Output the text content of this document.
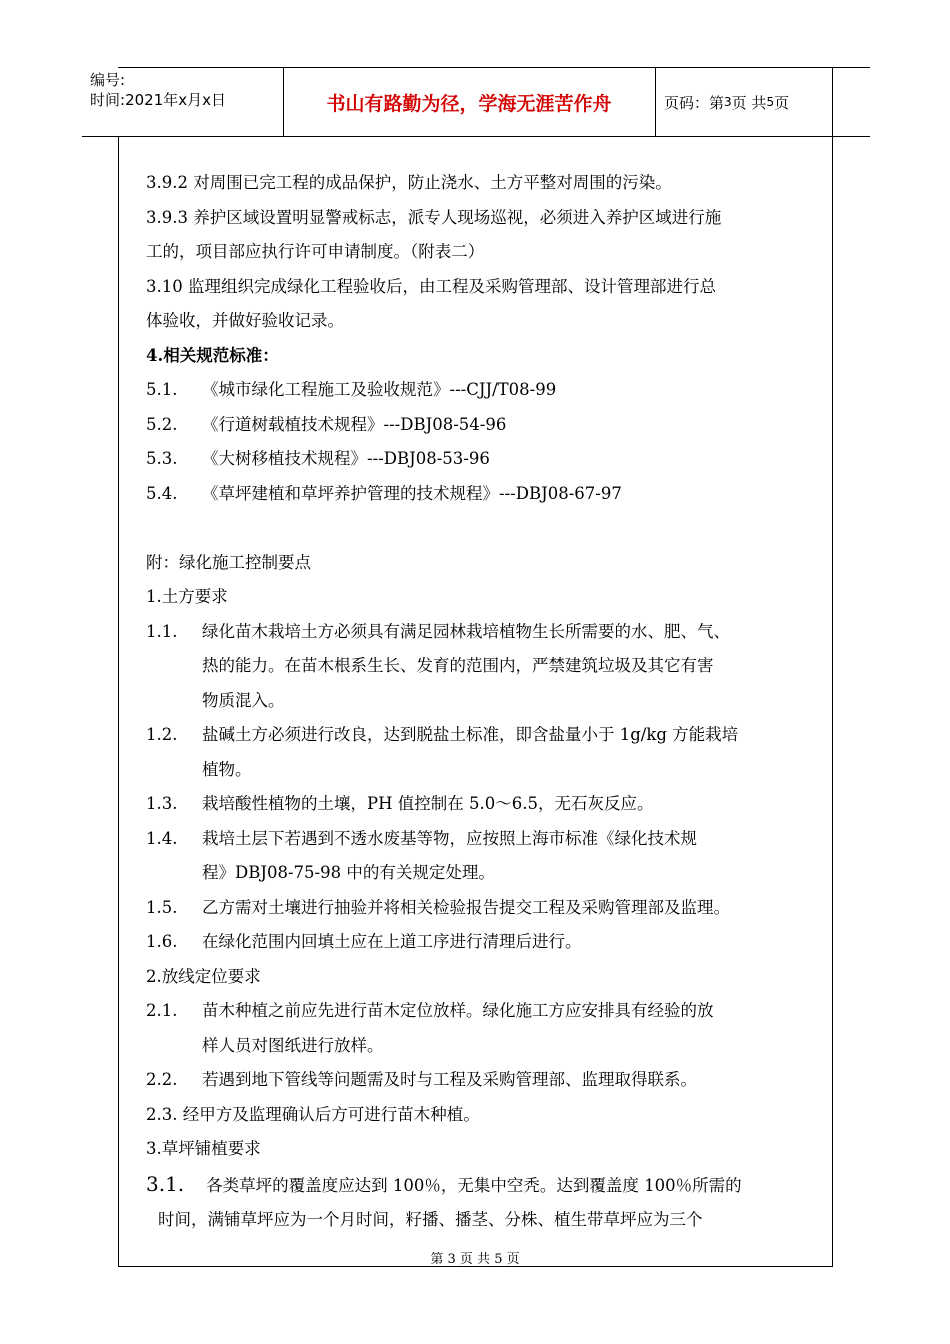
编号:
时间:2021年x月x日	书山有路勤为径，学海无涯苦作舟	页码：第 3 页 共 5 页
3.9.2 对周围已完工程的成品保护，防止浇水、土方平整对周围的污染。
3.9.3 养护区域设置明显警戒标志，派专人现场巡视，必须进入养护区域进行施
工的，项目部应执行许可申请制度。（附表二）
3.10 监理组织完成绿化工程验收后，由工程及采购管理部、设计管理部进行总
体验收，并做好验收记录。
4.相关规范标准：
5.1.	《城市绿化工程施工及验收规范》---CJJ/T08-99
5.2.	《行道树载植技术规程》---DBJ08-54-96
5.3.	《大树移植技术规程》---DBJ08-53-96
5.4.	《草坪建植和草坪养护管理的技术规程》---DBJ08-67-97
附：绿化施工控制要点
1.土方要求
1.1.	绿化苗木栽培土方必须具有满足园林栽培植物生长所需要的水、肥、气、
热的能力。在苗木根系生长、发育的范围内，严禁建筑垃圾及其它有害
物质混入。
1.2.	盐碱土方必须进行改良，达到脱盐土标准，即含盐量小于 1g/kg 方能栽培
植物。
1.3.	栽培酸性植物的土壤，PH 值控制在 5.0～6.5，无石灰反应。
1.4.	栽培土层下若遇到不透水废基等物，应按照上海市标准《绿化技术规
程》DBJ08-75-98 中的有关规定处理。
1.5.	乙方需对土壤进行抽验并将相关检验报告提交工程及采购管理部及监理。
1.6.	在绿化范围内回填土应在上道工序进行清理后进行。
2.放线定位要求
2.1.	苗木种植之前应先进行苗木定位放样。绿化施工方应安排具有经验的放
样人员对图纸进行放样。
2.2.	若遇到地下管线等问题需及时与工程及采购管理部、监理取得联系。
2.3. 经甲方及监理确认后方可进行苗木种植。
3.草坪铺植要求
3.1. 各类草坪的覆盖度应达到 100％，无集中空秃。达到覆盖度 100％所需的
时间，满铺草坪应为一个月时间，籽播、播茎、分株、植生带草坪应为三个
第 3 页 共 5 页
